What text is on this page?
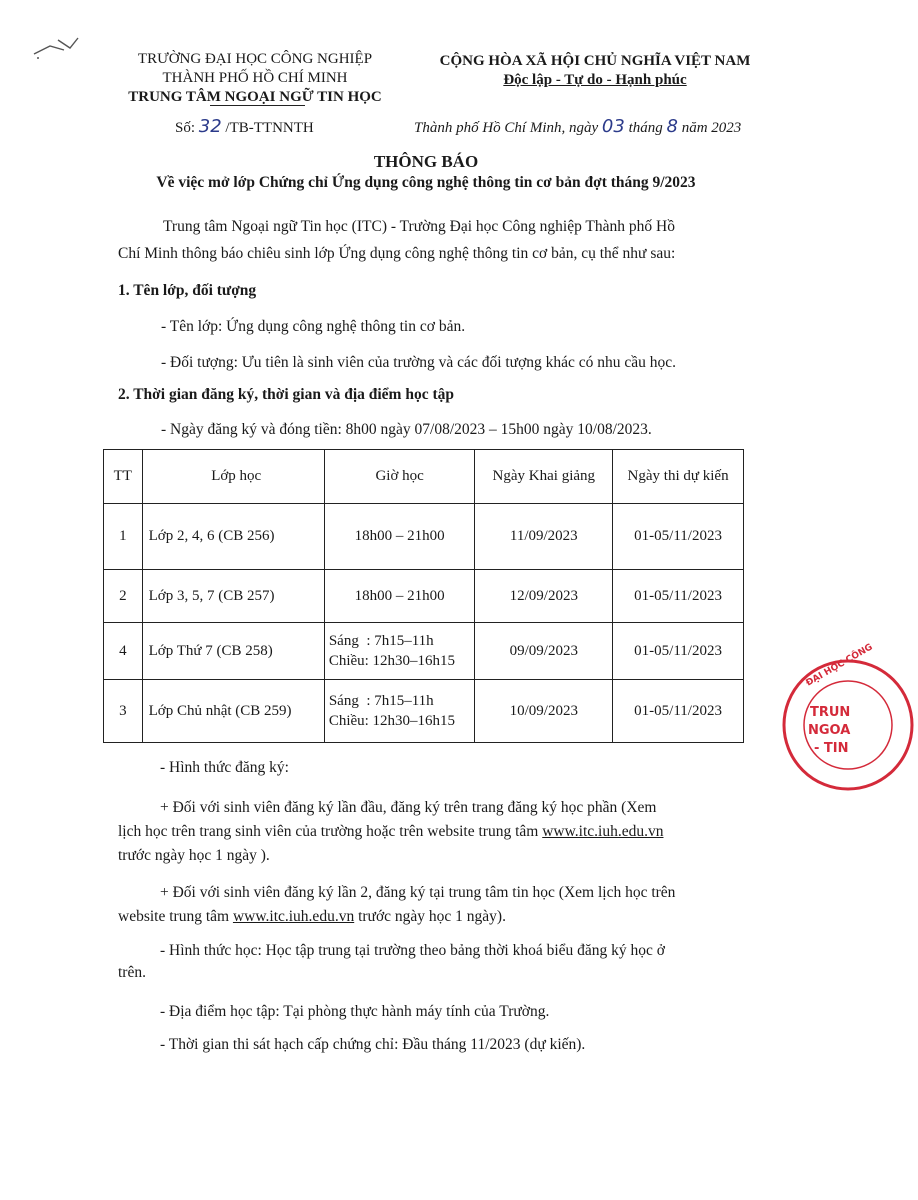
TRƯỜNG ĐẠI HỌC CÔNG NGHIỆP
THÀNH PHỐ HỒ CHÍ MINH
TRUNG TÂM NGOẠI NGỮ TIN HỌC
CỘNG HÒA XÃ HỘI CHỦ NGHĨA VIỆT NAM
Độc lập - Tự do - Hạnh phúc
Số: 32 /TB-TTNNTH	Thành phố Hồ Chí Minh, ngày 03 tháng 8 năm 2023
THÔNG BÁO
Về việc mở lớp Chứng chỉ Ứng dụng công nghệ thông tin cơ bản đợt tháng 9/2023
Trung tâm Ngoại ngữ Tin học (ITC) - Trường Đại học Công nghiệp Thành phố Hồ
Chí Minh thông báo chiêu sinh lớp Ứng dụng công nghệ thông tin cơ bản, cụ thể như sau:
1. Tên lớp, đối tượng
- Tên lớp: Ứng dụng công nghệ thông tin cơ bản.
- Đối tượng: Ưu tiên là sinh viên của trường và các đối tượng khác có nhu cầu học.
2. Thời gian đăng ký, thời gian và địa điểm học tập
- Ngày đăng ký và đóng tiền: 8h00 ngày 07/08/2023 – 15h00 ngày 10/08/2023.
TT	Lớp học	Giờ học	Ngày Khai giảng	Ngày thi dự kiến
1	Lớp 2, 4, 6 (CB 256)	18h00 – 21h00	11/09/2023	01-05/11/2023
2	Lớp 3, 5, 7 (CB 257)	18h00 – 21h00	12/09/2023	01-05/11/2023
4	Lớp Thứ 7 (CB 258)	Sáng  : 7h15–11h
Chiều: 12h30–16h15	09/09/2023	01-05/11/2023
3	Lớp Chủ nhật (CB 259)	Sáng  : 7h15–11h
Chiều: 12h30–16h15	10/09/2023	01-05/11/2023
- Hình thức đăng ký:
+ Đối với sinh viên đăng ký lần đầu, đăng ký trên trang đăng ký học phần (Xem
lịch học trên trang sinh viên của trường hoặc trên website trung tâm www.itc.iuh.edu.vn
trước ngày học 1 ngày ).
+ Đối với sinh viên đăng ký lần 2, đăng ký tại trung tâm tin học (Xem lịch học trên
website trung tâm www.itc.iuh.edu.vn trước ngày học 1 ngày).
- Hình thức học: Học tập trung tại trường theo bảng thời khoá biểu đăng ký học ở
trên.
- Địa điểm học tập: Tại phòng thực hành máy tính của Trường.
- Thời gian thi sát hạch cấp chứng chỉ: Đầu tháng 11/2023 (dự kiến).
ĐẠI HỌC CÔNG
TRUN
NGOA
- TIN
